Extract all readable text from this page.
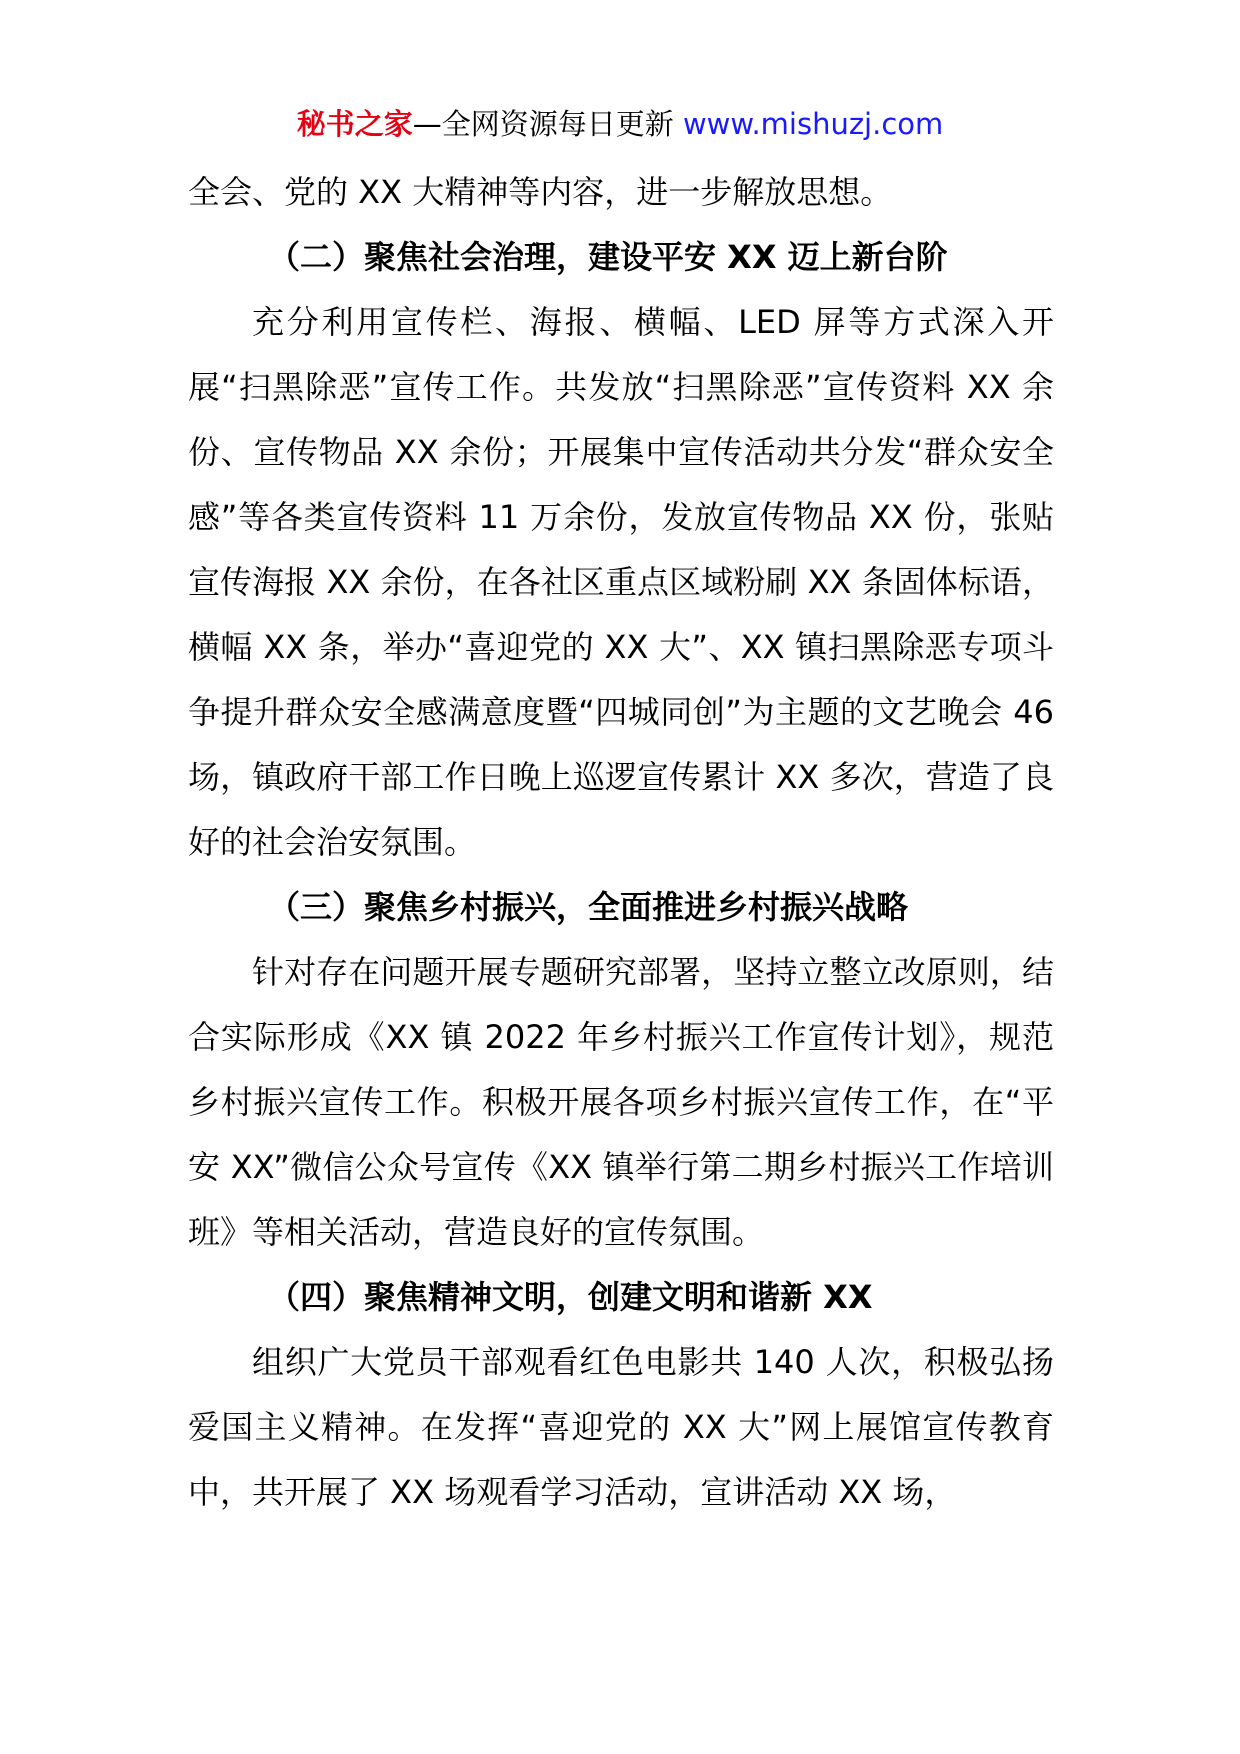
秘书之家—全网资源每日更新 www.mishuzj.com

全会、党的 XX 大精神等内容，进一步解放思想。

（二）聚焦社会治理，建设平安 XX 迈上新台阶

充分利用宣传栏、海报、横幅、LED 屏等方式深入开展“扫黑除恶”宣传工作。共发放“扫黑除恶”宣传资料 XX 余份、宣传物品 XX 余份；开展集中宣传活动共分发“群众安全感”等各类宣传资料 11 万余份，发放宣传物品 XX 份，张贴宣传海报 XX 余份，在各社区重点区域粉刷 XX 条固体标语，横幅 XX 条，举办“喜迎党的 XX 大”、XX 镇扫黑除恶专项斗争提升群众安全感满意度暨“四城同创”为主题的文艺晚会 46 场，镇政府干部工作日晚上巡逻宣传累计 XX 多次，营造了良好的社会治安氛围。

（三）聚焦乡村振兴，全面推进乡村振兴战略

针对存在问题开展专题研究部署，坚持立整立改原则，结合实际形成《XX 镇 2022 年乡村振兴工作宣传计划》，规范乡村振兴宣传工作。积极开展各项乡村振兴宣传工作，在“平安 XX”微信公众号宣传《XX 镇举行第二期乡村振兴工作培训班》等相关活动，营造良好的宣传氛围。

（四）聚焦精神文明，创建文明和谐新 XX

组织广大党员干部观看红色电影共 140 人次，积极弘扬爱国主义精神。在发挥“喜迎党的 XX 大”网上展馆宣传教育中，共开展了 XX 场观看学习活动，宣讲活动 XX 场，
